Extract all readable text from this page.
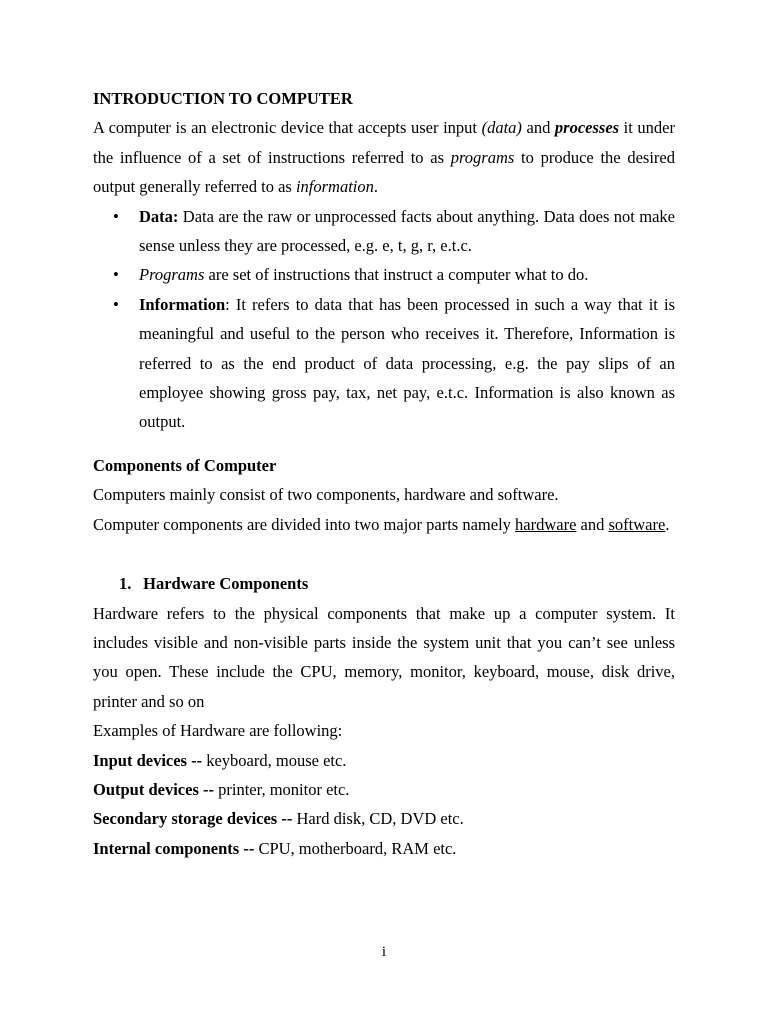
INTRODUCTION TO COMPUTER
A computer is an electronic device that accepts user input (data) and processes it under the influence of a set of instructions referred to as programs to produce the desired output generally referred to as information.
• Data: Data are the raw or unprocessed facts about anything. Data does not make sense unless they are processed, e.g. e, t, g, r, e.t.c.
• Programs are set of instructions that instruct a computer what to do.
• Information: It refers to data that has been processed in such a way that it is meaningful and useful to the person who receives it. Therefore, Information is referred to as the end product of data processing, e.g. the pay slips of an employee showing gross pay, tax, net pay, e.t.c. Information is also known as output.
Components of Computer
Computers mainly consist of two components, hardware and software.
Computer components are divided into two major parts namely hardware and software.
1. Hardware Components
Hardware refers to the physical components that make up a computer system. It includes visible and non-visible parts inside the system unit that you can’t see unless you open. These include the CPU, memory, monitor, keyboard, mouse, disk drive, printer and so on
Examples of Hardware are following:
Input devices -- keyboard, mouse etc.
Output devices -- printer, monitor etc.
Secondary storage devices -- Hard disk, CD, DVD etc.
Internal components -- CPU, motherboard, RAM etc.
i
